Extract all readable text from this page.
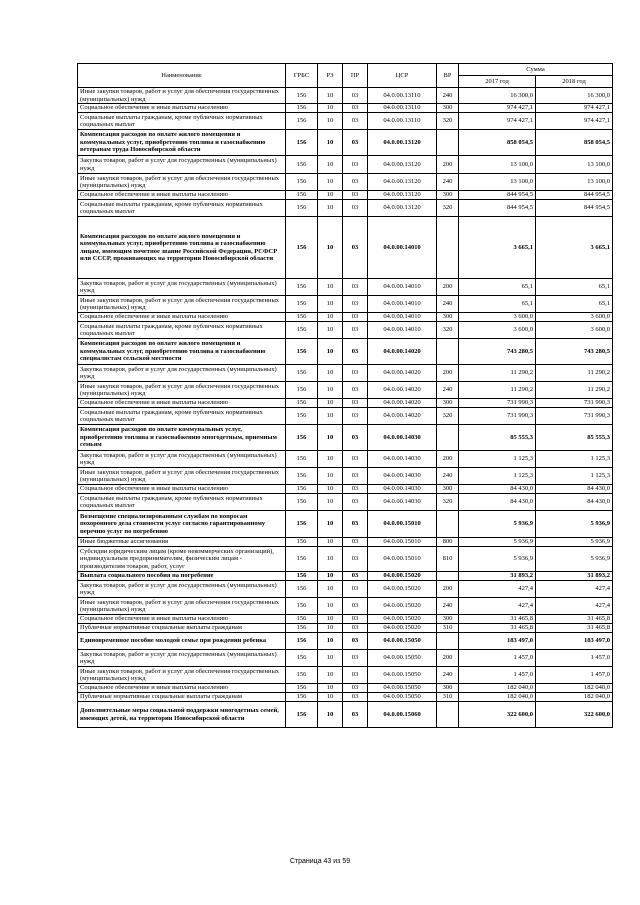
Наименование	ГРБС	РЗ	ПР	ЦСР	ВР	Сумма	
						2017 год	2018 год
Иные закупки товаров, работ и услуг для обеспечения государственных (муниципальных) нужд	156	10	03	04.0.00.13110	240	16 300,0	16 300,0
Социальное обеспечение и иные выплаты населению	156	10	03	04.0.00.13110	300	974 427,1	974 427,1
Социальные выплаты гражданам, кроме публичных нормативных социальных выплат	156	10	03	04.0.00.13110	320	974 427,1	974 427,1
Компенсация расходов по оплате жилого помещения и коммунальных услуг, приобретению топлива и газоснабжению ветеранам труда Новосибирской области	156	10	03	04.0.00.13120		858 054,5	858 054,5
Закупка товаров, работ и услуг для государственных (муниципальных) нужд	156	10	03	04.0.00.13120	200	13 100,0	13 100,0
Иные закупки товаров, работ и услуг для обеспечения государственных (муниципальных) нужд	156	10	03	04.0.00.13120	240	13 100,0	13 100,0
Социальное обеспечение и иные выплаты населению	156	10	03	04.0.00.13120	300	844 954,5	844 954,5
Социальные выплаты гражданам, кроме публичных нормативных социальных выплат	156	10	03	04.0.00.13120	320	844 954,5	844 954,5
Компенсация расходов по оплате жилого помещения и коммунальных услуг, приобретению топлива и газоснабжению лицам, имеющим почетное звание Российской Федерации, РСФСР или СССР, проживающих на территории Новосибирской области	156	10	03	04.0.00.14010		3 665,1	3 665,1
Закупка товаров, работ и услуг для государственных (муниципальных) нужд	156	10	03	04.0.00.14010	200	65,1	65,1
Иные закупки товаров, работ и услуг для обеспечения государственных (муниципальных) нужд	156	10	03	04.0.00.14010	240	65,1	65,1
Социальное обеспечение и иные выплаты населению	156	10	03	04.0.00.14010	300	3 600,0	3 600,0
Социальные выплаты гражданам, кроме публичных нормативных социальных выплат	156	10	03	04.0.00.14010	320	3 600,0	3 600,0
Компенсация расходов по оплате жилого помещения и коммунальных услуг, приобретению топлива и газоснабжению специалистам сельской местности	156	10	03	04.0.00.14020		743 280,5	743 280,5
Закупка товаров, работ и услуг для государственных (муниципальных) нужд	156	10	03	04.0.00.14020	200	11 290,2	11 290,2
Иные закупки товаров, работ и услуг для обеспечения государственных (муниципальных) нужд	156	10	03	04.0.00.14020	240	11 290,2	11 290,2
Социальное обеспечение и иные выплаты населению	156	10	03	04.0.00.14020	300	731 990,3	731 990,3
Социальные выплаты гражданам, кроме публичных нормативных социальных выплат	156	10	03	04.0.00.14020	320	731 990,3	731 990,3
Компенсация расходов по оплате коммунальных услуг, приобретению топлива и газоснабжению многодетным, приемным семьям	156	10	03	04.0.00.14030		85 555,3	85 555,3
Закупка товаров, работ и услуг для государственных (муниципальных) нужд	156	10	03	04.0.00.14030	200	1 125,3	1 125,3
Иные закупки товаров, работ и услуг для обеспечения государственных (муниципальных) нужд	156	10	03	04.0.00.14030	240	1 125,3	1 125,3
Социальное обеспечение и иные выплаты населению	156	10	03	04.0.00.14030	300	84 430,0	84 430,0
Социальные выплаты гражданам, кроме публичных нормативных социальных выплат	156	10	03	04.0.00.14030	320	84 430,0	84 430,0
Возмещение специализированным службам по вопросам похоронного дела стоимости услуг согласно гарантированному перечню услуг по погребению	156	10	03	04.0.00.15010		5 936,9	5 936,9
Иные бюджетные ассигнования	156	10	03	04.0.00.15010	800	5 936,9	5 936,9
Субсидии юридическим лицам (кроме некоммерческих организаций), индивидуальным предпринимателям, физическим лицам - производителям товаров, работ, услуг	156	10	03	04.0.00.15010	810	5 936,9	5 936,9
Выплата социального пособия на погребение	156	10	03	04.0.00.15020		31 893,2	31 893,2
Закупка товаров, работ и услуг для государственных (муниципальных) нужд	156	10	03	04.0.00.15020	200	427,4	427,4
Иные закупки товаров, работ и услуг для обеспечения государственных (муниципальных) нужд	156	10	03	04.0.00.15020	240	427,4	427,4
Социальное обеспечение и иные выплаты населению	156	10	03	04.0.00.15020	300	31 465,8	31 465,8
Публичные нормативные социальные выплаты гражданам	156	10	03	04.0.00.15020	310	31 465,8	31 465,8
Единовременное пособие молодой семье при рождении ребенка	156	10	03	04.0.00.15050		183 497,0	183 497,0
Закупка товаров, работ и услуг для государственных (муниципальных) нужд	156	10	03	04.0.00.15050	200	1 457,0	1 457,0
Иные закупки товаров, работ и услуг для обеспечения государственных (муниципальных) нужд	156	10	03	04.0.00.15050	240	1 457,0	1 457,0
Социальное обеспечение и иные выплаты населению	156	10	03	04.0.00.15050	300	182 040,0	182 040,0
Публичные нормативные социальные выплаты гражданам	156	10	03	04.0.00.15050	310	182 040,0	182 040,0
Дополнительные меры социальной поддержки многодетных семей, имеющих детей, на территории Новосибирской области	156	10	03	04.0.00.15060		322 600,0	322 600,0
Страница 43 из 59
